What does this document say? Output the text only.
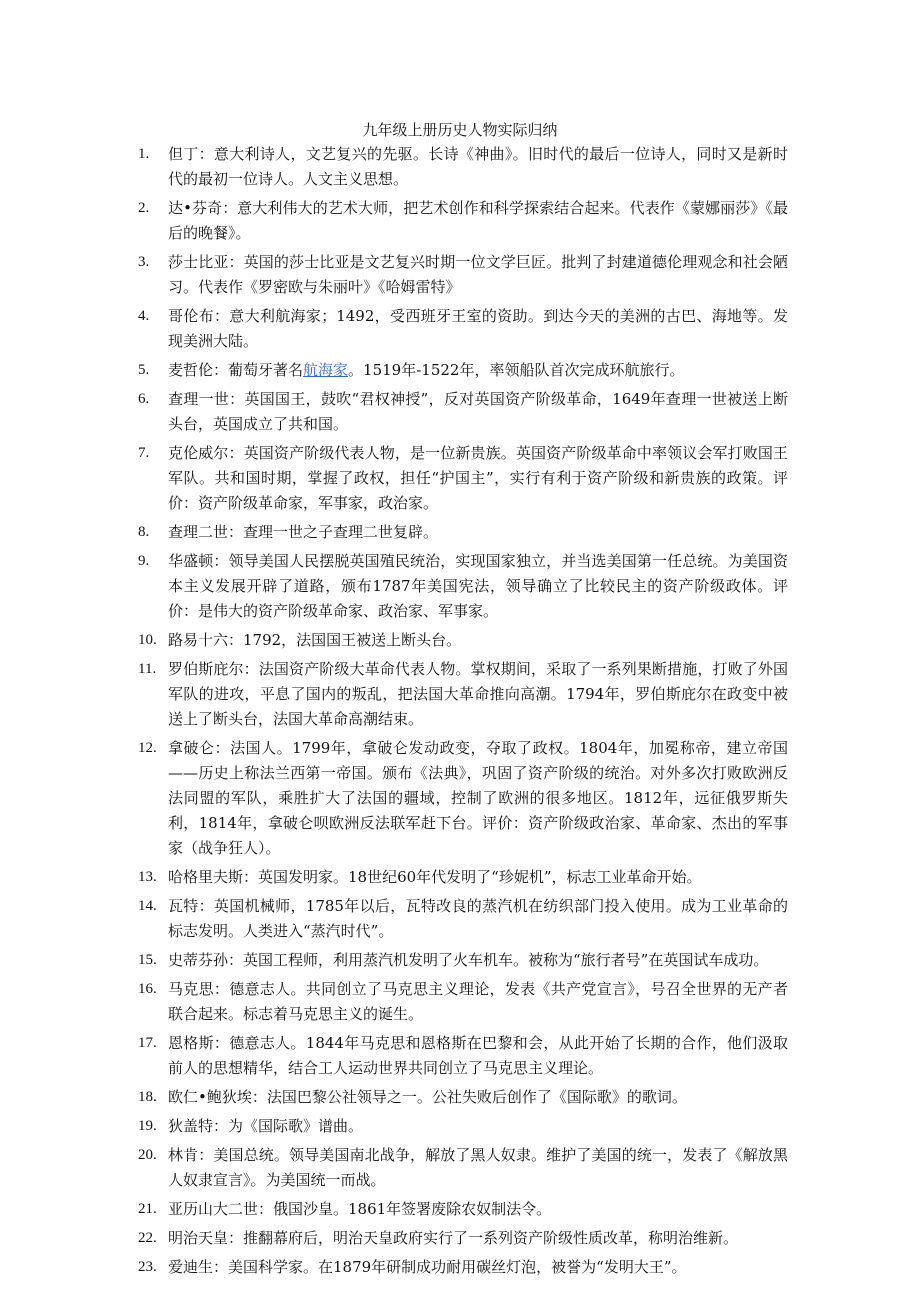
九年级上册历史人物实际归纳
1.	但丁：意大利诗人，文艺复兴的先驱。长诗《神曲》。旧时代的最后一位诗人，同时又是新时代的最初一位诗人。人文主义思想。
2.	达•芬奇：意大利伟大的艺术大师，把艺术创作和科学探索结合起来。代表作《蒙娜丽莎》《最后的晚餐》。
3.	莎士比亚：英国的莎士比亚是文艺复兴时期一位文学巨匠。批判了封建道德伦理观念和社会陋习。代表作《罗密欧与朱丽叶》《哈姆雷特》
4.	哥伦布：意大利航海家；1492，受西班牙王室的资助。到达今天的美洲的古巴、海地等。发现美洲大陆。
5.	麦哲伦：葡萄牙著名航海家。1519年-1522年，率领船队首次完成环航旅行。
6.	查理一世：英国国王，鼓吹“君权神授”，反对英国资产阶级革命，1649年查理一世被送上断头台，英国成立了共和国。
7.	克伦威尔：英国资产阶级代表人物，是一位新贵族。英国资产阶级革命中率领议会军打败国王军队。共和国时期，掌握了政权，担任“护国主”，实行有利于资产阶级和新贵族的政策。评价：资产阶级革命家，军事家，政治家。
8.	查理二世：查理一世之子查理二世复辟。
9.	华盛顿：领导美国人民摆脱英国殖民统治，实现国家独立，并当选美国第一任总统。为美国资本主义发展开辟了道路，颁布1787年美国宪法，领导确立了比较民主的资产阶级政体。评价：是伟大的资产阶级革命家、政治家、军事家。
10. 路易十六：1792，法国国王被送上断头台。
11. 罗伯斯庇尔：法国资产阶级大革命代表人物。掌权期间，采取了一系列果断措施，打败了外国军队的进攻，平息了国内的叛乱，把法国大革命推向高潮。1794年，罗伯斯庇尔在政变中被送上了断头台，法国大革命高潮结束。
12. 拿破仑：法国人。1799年，拿破仑发动政变，夺取了政权。1804年，加冕称帝，建立帝国——历史上称法兰西第一帝国。颁布《法典》，巩固了资产阶级的统治。对外多次打败欧洲反法同盟的军队，乘胜扩大了法国的疆域，控制了欧洲的很多地区。1812年，远征俄罗斯失利，1814年，拿破仑呗欧洲反法联军赶下台。评价：资产阶级政治家、革命家、杰出的军事家（战争狂人）。
13. 哈格里夫斯：英国发明家。18世纪60年代发明了“珍妮机”，标志工业革命开始。
14. 瓦特：英国机械师，1785年以后，瓦特改良的蒸汽机在纺织部门投入使用。成为工业革命的标志发明。人类进入“蒸汽时代”。
15. 史蒂芬孙：英国工程师，利用蒸汽机发明了火车机车。被称为“旅行者号”在英国试车成功。
16. 马克思：德意志人。共同创立了马克思主义理论，发表《共产党宣言》，号召全世界的无产者联合起来。标志着马克思主义的诞生。
17. 恩格斯：德意志人。1844年马克思和恩格斯在巴黎和会，从此开始了长期的合作，他们汲取前人的思想精华，结合工人运动世界共同创立了马克思主义理论。
18. 欧仁•鲍狄埃：法国巴黎公社领导之一。公社失败后创作了《国际歌》的歌词。
19. 狄盖特：为《国际歌》谱曲。
20. 林肯：美国总统。领导美国南北战争，解放了黑人奴隶。维护了美国的统一，发表了《解放黑人奴隶宣言》。为美国统一而战。
21. 亚历山大二世：俄国沙皇。1861年签署废除农奴制法令。
22. 明治天皇：推翻幕府后，明治天皇政府实行了一系列资产阶级性质改革，称明治维新。
23. 爱迪生：美国科学家。在1879年研制成功耐用碳丝灯泡，被誉为“发明大王”。
